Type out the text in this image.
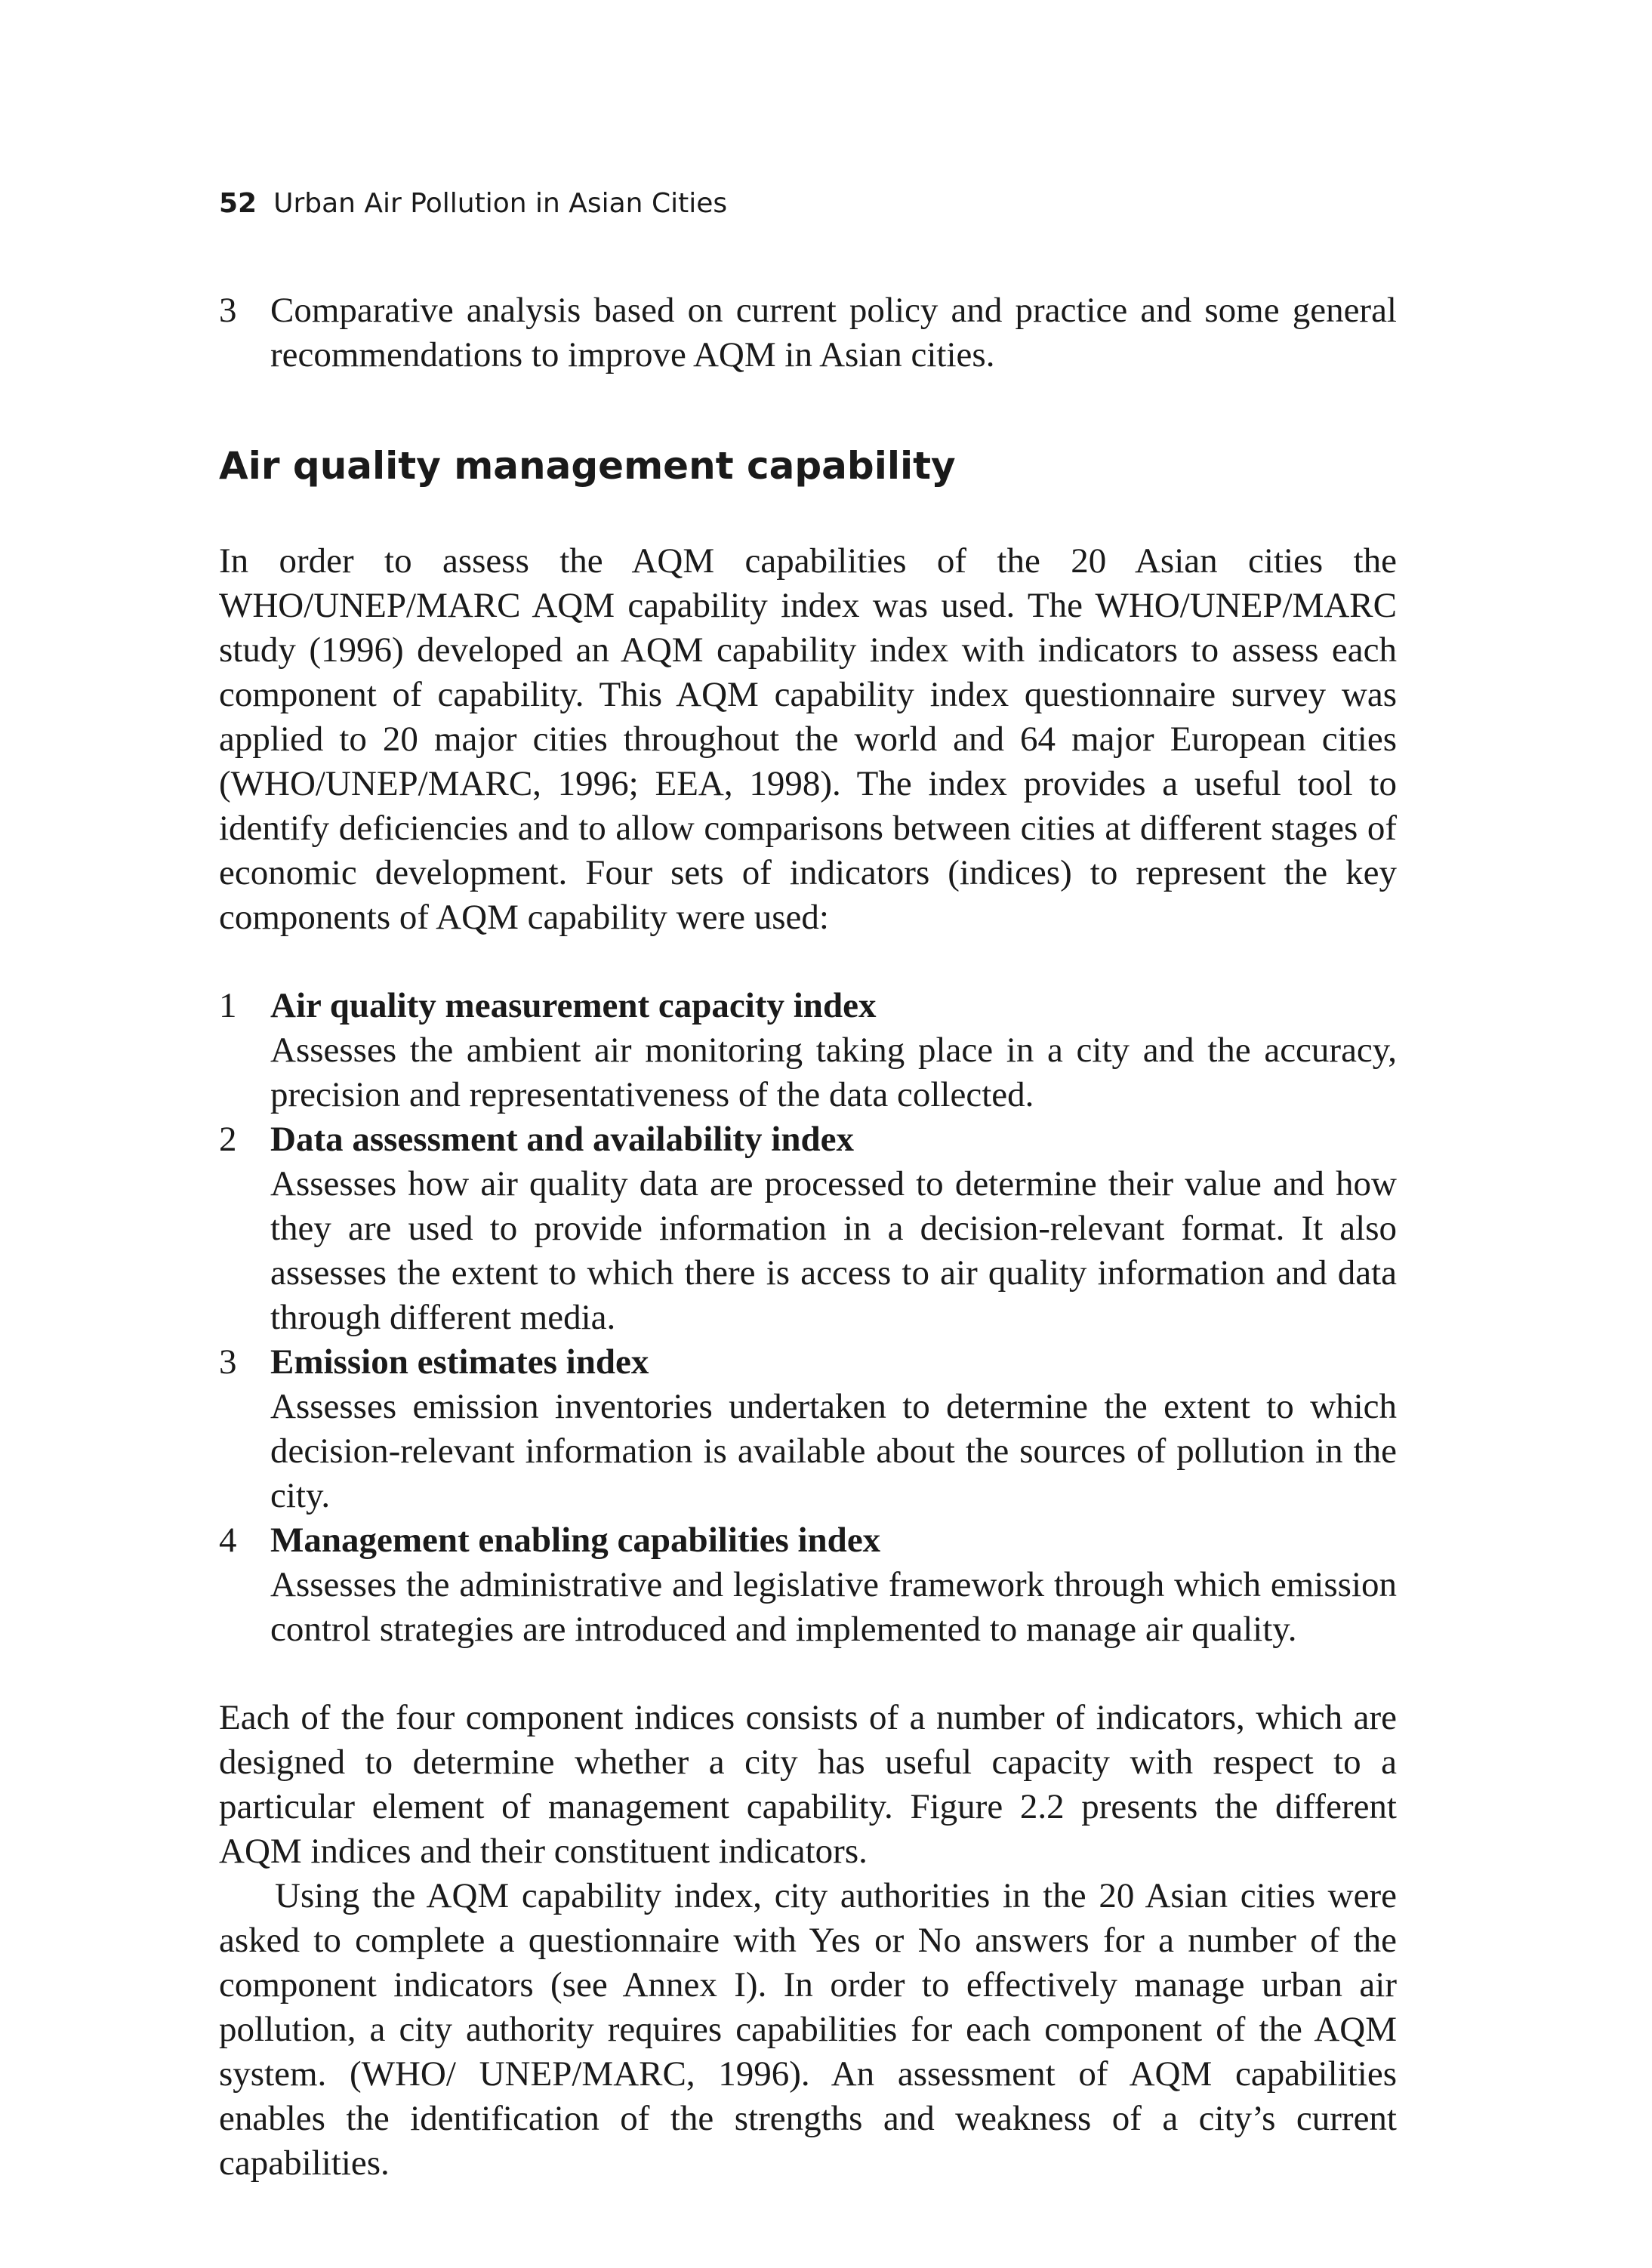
52 Urban Air Pollution in Asian Cities
3 Comparative analysis based on current policy and practice and some general recommendations to improve AQM in Asian cities.
Air quality management capability

In order to assess the AQM capabilities of the 20 Asian cities the WHO/UNEP/MARC AQM capability index was used. The WHO/UNEP/MARC study (1996) developed an AQM capability index with indicators to assess each component of capability. This AQM capability index questionnaire survey was applied to 20 major cities throughout the world and 64 major European cities (WHO/UNEP/MARC, 1996; EEA, 1998). The index provides a useful tool to identify deficiencies and to allow comparisons between cities at different stages of economic development. Four sets of indicators (indices) to represent the key components of AQM capability were used:

1 Air quality measurement capacity index
Assesses the ambient air monitoring taking place in a city and the accuracy, precision and representativeness of the data collected.
2 Data assessment and availability index
Assesses how air quality data are processed to determine their value and how they are used to provide information in a decision-relevant format. It also assesses the extent to which there is access to air quality information and data through different media.
3 Emission estimates index
Assesses emission inventories undertaken to determine the extent to which decision-relevant information is available about the sources of pollution in the city.
4 Management enabling capabilities index
Assesses the administrative and legislative framework through which emission control strategies are introduced and implemented to manage air quality.

Each of the four component indices consists of a number of indicators, which are designed to determine whether a city has useful capacity with respect to a particular element of management capability. Figure 2.2 presents the different AQM indices and their constituent indicators.

Using the AQM capability index, city authorities in the 20 Asian cities were asked to complete a questionnaire with Yes or No answers for a number of the component indicators (see Annex I). In order to effectively manage urban air pollution, a city authority requires capabilities for each component of the AQM system. (WHO/ UNEP/MARC, 1996). An assessment of AQM capabilities enables the identification of the strengths and weakness of a city’s current capabilities.
